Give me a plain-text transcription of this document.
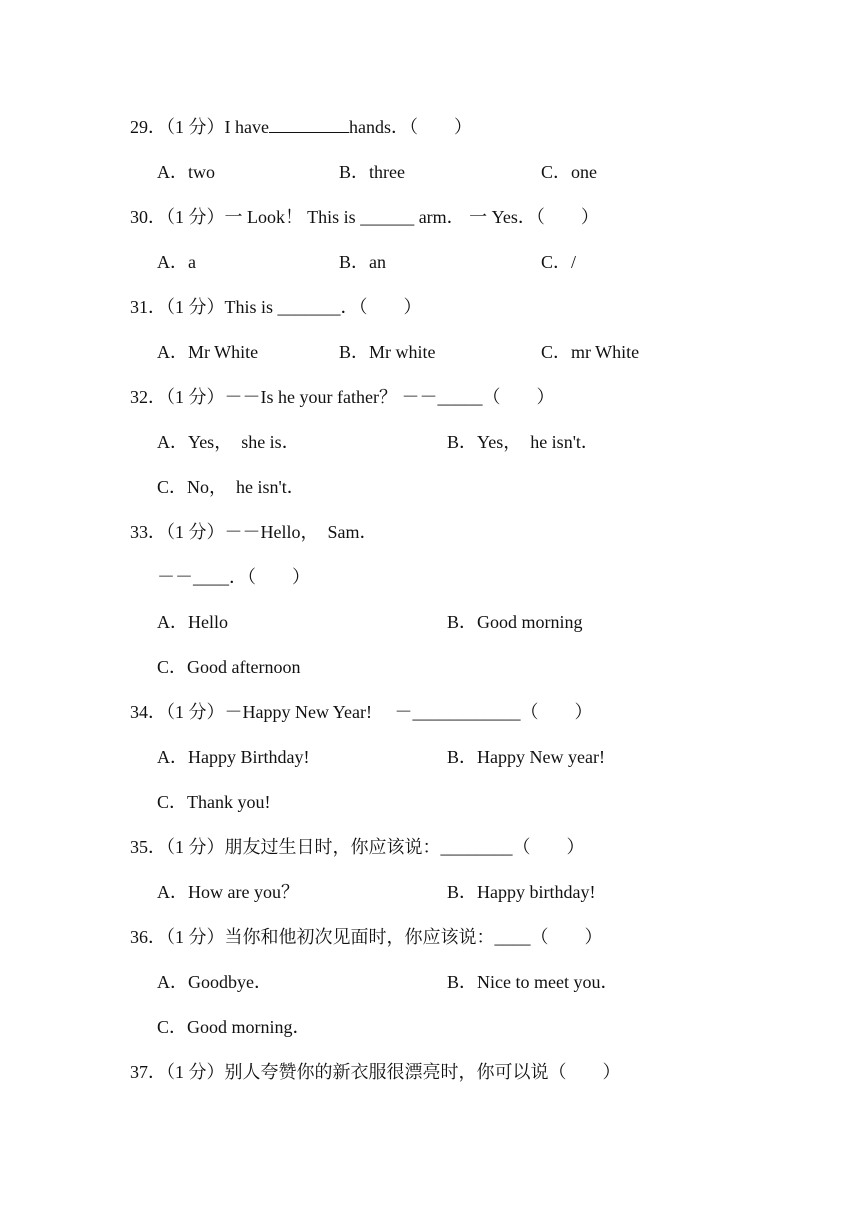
29．（1 分）I have	hands．（　　）

A．two

	B．three

	C．one

30．（1 分）一 Look！ This is ______ arm． 一 Yes．（　　）

A．a

	B．an

	C．/

31．（1 分）This is _______．（　　）

A．Mr White

	B．Mr white

	C．mr White

32．（1 分）－－Is he your father？ －－_____（　　）

A．Yes，  she is．

	B．Yes，  he isn't．

C．No，  he isn't．

33．（1 分）－－Hello，  Sam．
－－____．（　　）

A．Hello

	B．Good morning

C．Good afternoon

34．（1 分）－Happy New Year!　 －____________（　　）

A．Happy Birthday!

	B．Happy New year!

C．Thank you!

35．（1 分）朋友过生日时，你应该说：________（　　）

A．How are you？

	B．Happy birthday!

36．（1 分）当你和他初次见面时，你应该说：____（　　）

A．Goodbye．

	B．Nice to meet you．

C．Good morning．

37．（1 分）别人夸赞你的新衣服很漂亮时，你可以说（　　）
